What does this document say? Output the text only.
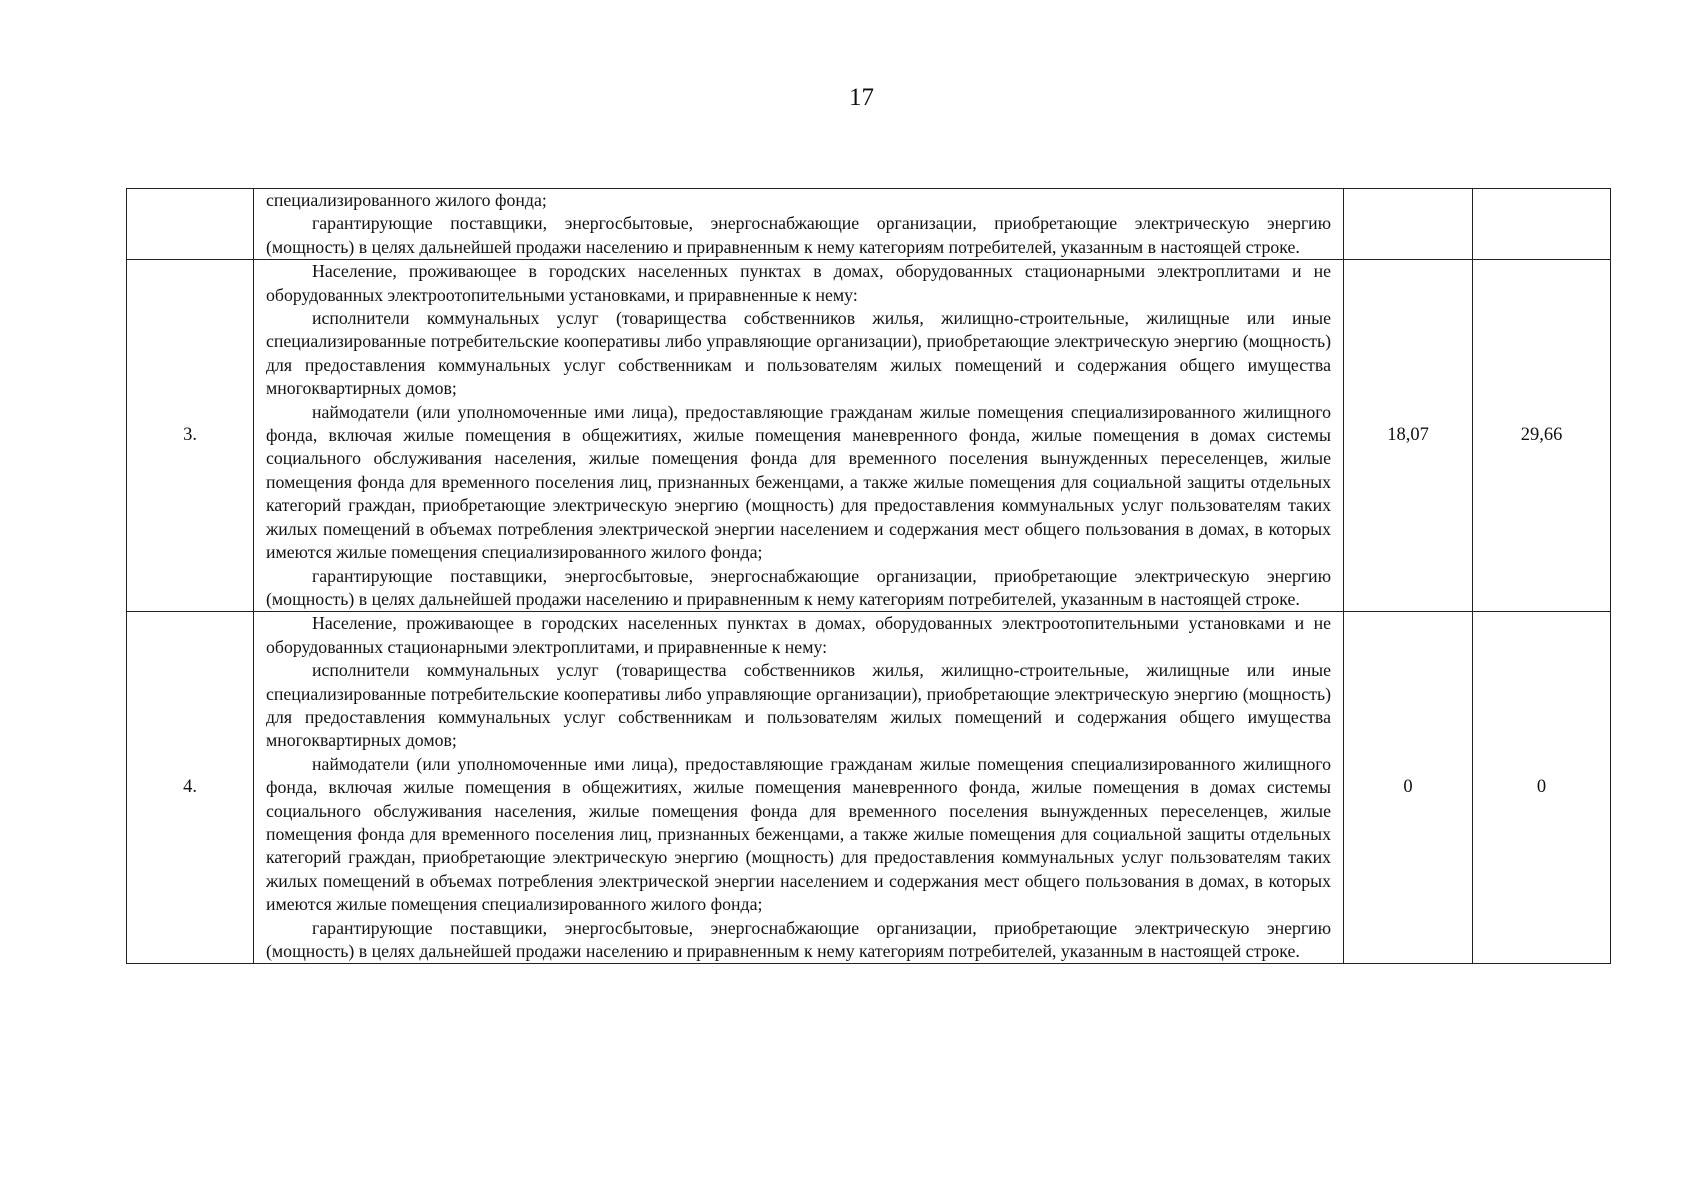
17

	специализированного жилого фонда;

гарантирующие поставщики, энергосбытовые, энергоснабжающие организации, приобретающие электрическую энергию (мощность) в целях дальнейшей продажи населению и приравненным к нему категориям потребителей, указанным в настоящей строке.		

3.	Население, проживающее в городских населенных пунктах в домах, оборудованных стационарными электроплитами и не оборудованных электроотопительными установками, и приравненные к нему:

исполнители коммунальных услуг (товарищества собственников жилья, жилищно-строительные, жилищные или иные специализированные потребительские кооперативы либо управляющие организации), приобретающие электрическую энергию (мощность) для предоставления коммунальных услуг собственникам и пользователям жилых помещений и содержания общего имущества многоквартирных домов;

наймодатели (или уполномоченные ими лица), предоставляющие гражданам жилые помещения специализированного жилищного фонда, включая жилые помещения в общежитиях, жилые помещения маневренного фонда, жилые помещения в домах системы социального обслуживания населения, жилые помещения фонда для временного поселения вынужденных переселенцев, жилые помещения фонда для временного поселения лиц, признанных беженцами, а также жилые помещения для социальной защиты отдельных категорий граждан, приобретающие электрическую энергию (мощность) для предоставления коммунальных услуг пользователям таких жилых помещений в объемах потребления электрической энергии населением и содержания мест общего пользования в домах, в которых имеются жилые помещения специализированного жилого фонда;

гарантирующие поставщики, энергосбытовые, энергоснабжающие организации, приобретающие электрическую энергию (мощность) в целях дальнейшей продажи населению и приравненным к нему категориям потребителей, указанным в настоящей строке.	18,07	29,66
4.	Население, проживающее в городских населенных пунктах в домах, оборудованных электроотопительными установками и не оборудованных стационарными электроплитами, и приравненные к нему:

исполнители коммунальных услуг (товарищества собственников жилья, жилищно-строительные, жилищные или иные специализированные потребительские кооперативы либо управляющие организации), приобретающие электрическую энергию (мощность) для предоставления коммунальных услуг собственникам и пользователям жилых помещений и содержания общего имущества многоквартирных домов;

наймодатели (или уполномоченные ими лица), предоставляющие гражданам жилые помещения специализированного жилищного фонда, включая жилые помещения в общежитиях, жилые помещения маневренного фонда, жилые помещения в домах системы социального обслуживания населения, жилые помещения фонда для временного поселения вынужденных переселенцев, жилые помещения фонда для временного поселения лиц, признанных беженцами, а также жилые помещения для социальной защиты отдельных категорий граждан, приобретающие электрическую энергию (мощность) для предоставления коммунальных услуг пользователям таких жилых помещений в объемах потребления электрической энергии населением и содержания мест общего пользования в домах, в которых имеются жилые помещения специализированного жилого фонда;

гарантирующие поставщики, энергосбытовые, энергоснабжающие организации, приобретающие электрическую энергию (мощность) в целях дальнейшей продажи населению и приравненным к нему категориям потребителей, указанным в настоящей строке.	0	0
